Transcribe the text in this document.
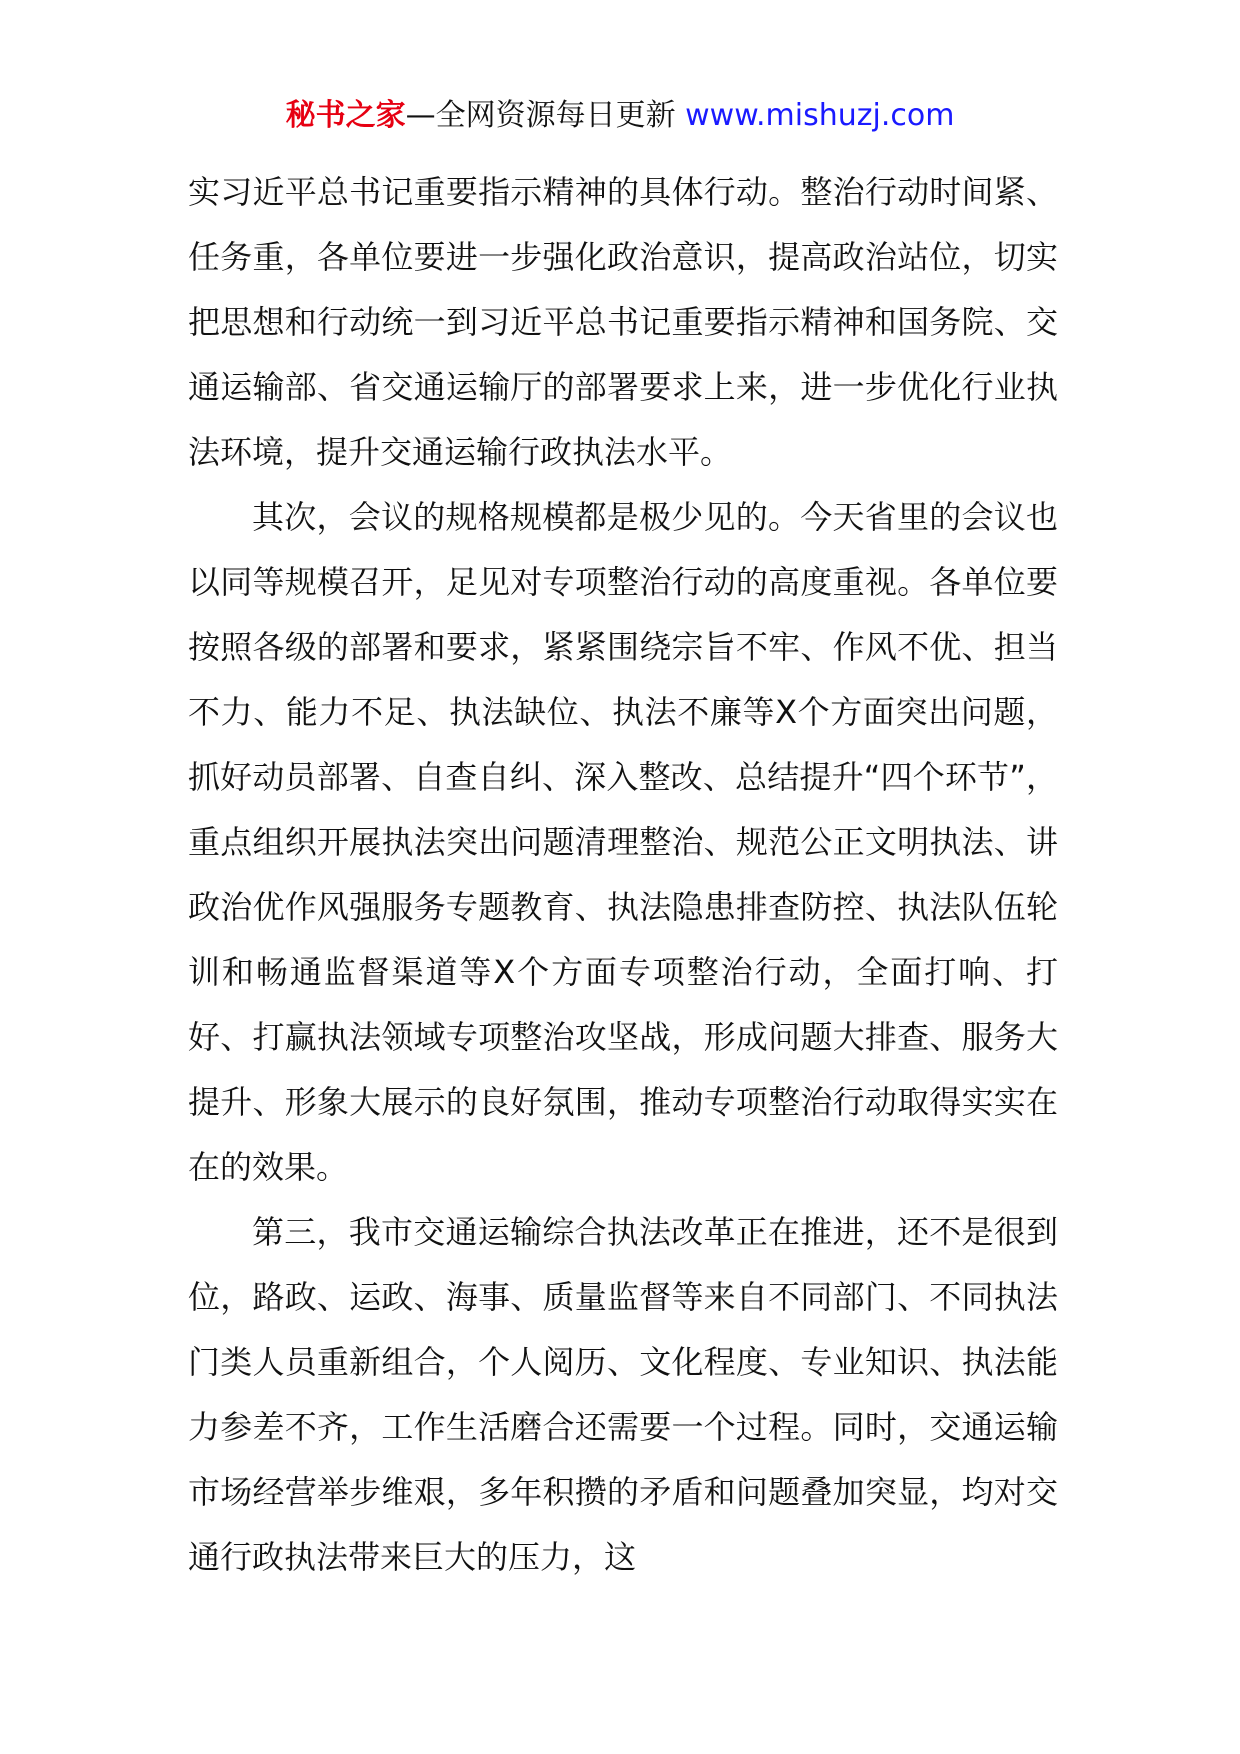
秘书之家—全网资源每日更新 www.mishuzj.com

实习近平总书记重要指示精神的具体行动。整治行动时间紧、任务重，各单位要进一步强化政治意识，提高政治站位，切实把思想和行动统一到习近平总书记重要指示精神和国务院、交通运输部、省交通运输厅的部署要求上来，进一步优化行业执法环境，提升交通运输行政执法水平。

其次，会议的规格规模都是极少见的。今天省里的会议也以同等规模召开，足见对专项整治行动的高度重视。各单位要按照各级的部署和要求，紧紧围绕宗旨不牢、作风不优、担当不力、能力不足、执法缺位、执法不廉等X个方面突出问题，抓好动员部署、自查自纠、深入整改、总结提升“四个环节”，重点组织开展执法突出问题清理整治、规范公正文明执法、讲政治优作风强服务专题教育、执法隐患排查防控、执法队伍轮训和畅通监督渠道等X个方面专项整治行动，全面打响、打好、打赢执法领域专项整治攻坚战，形成问题大排查、服务大提升、形象大展示的良好氛围，推动专项整治行动取得实实在在的效果。

第三，我市交通运输综合执法改革正在推进，还不是很到位，路政、运政、海事、质量监督等来自不同部门、不同执法门类人员重新组合，个人阅历、文化程度、专业知识、执法能力参差不齐，工作生活磨合还需要一个过程。同时，交通运输市场经营举步维艰，多年积攒的矛盾和问题叠加突显，均对交通行政执法带来巨大的压力，这
